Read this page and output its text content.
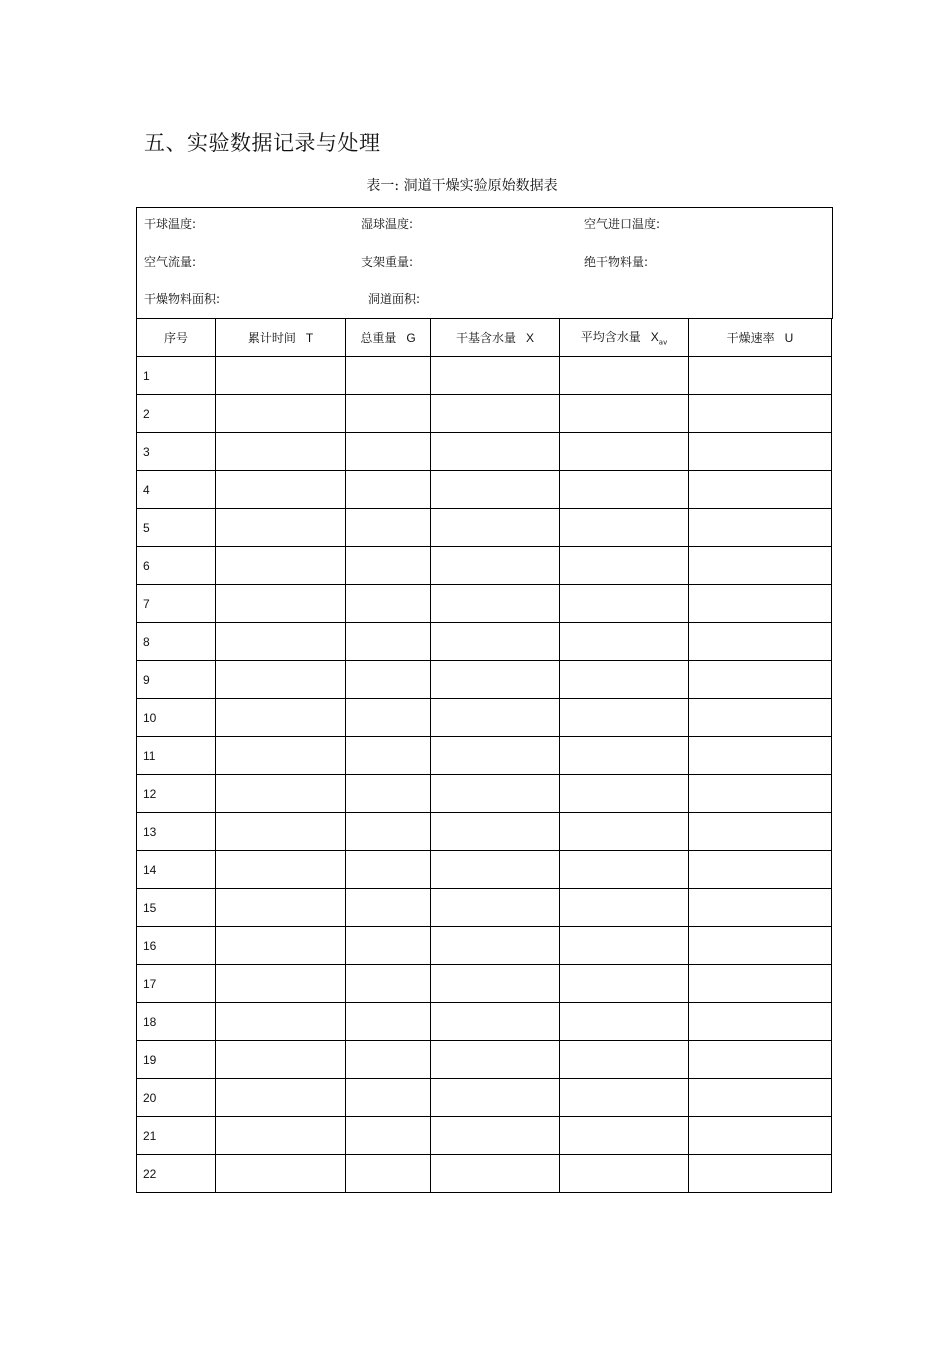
五、实验数据记录与处理
表一: 洞道干燥实验原始数据表
干球温度:	湿球温度:	空气进口温度:
空气流量:	支架重量:	绝干物料量:
干燥物料面积:	洞道面积:
序号	累计时间 T	总重量 G	干基含水量 X	平均含水量 $X_{av}$	干燥速率 U
1					
2					
3					
4					
5					
6					
7					
8					
9					
10					
11					
12					
13					
14					
15					
16					
17					
18					
19					
20					
21					
22					
